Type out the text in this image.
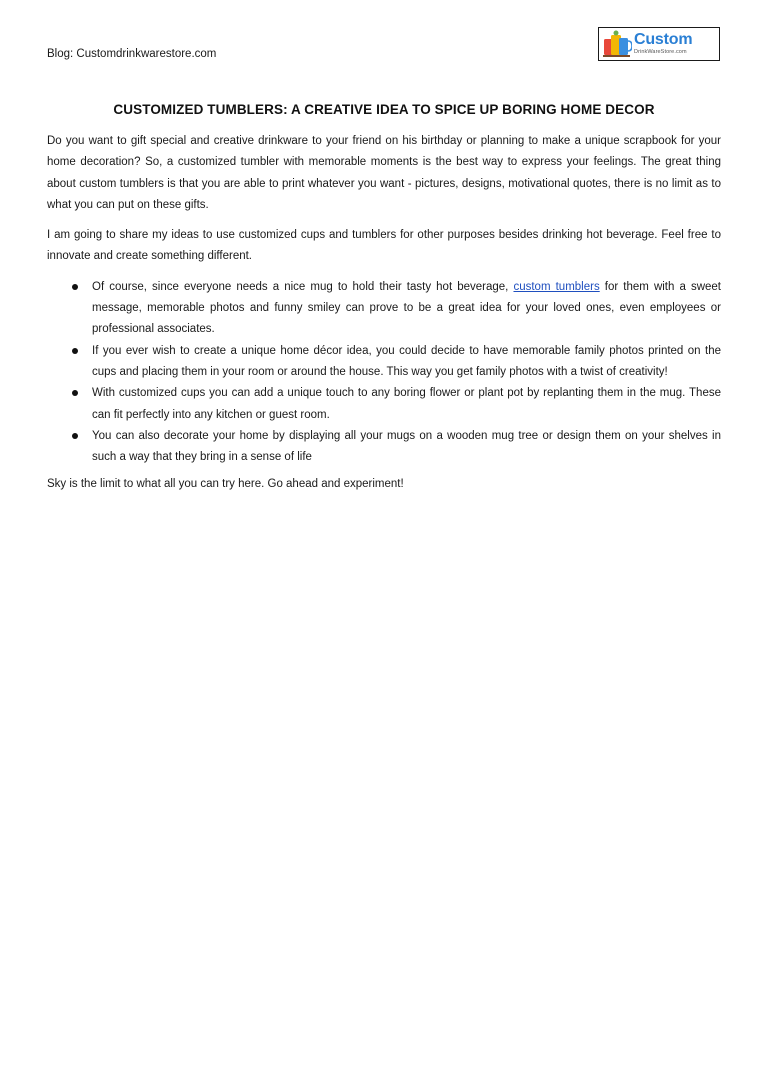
Blog: Customdrinkwarestore.com
Custom
DrinkWareStore.com
CUSTOMIZED TUMBLERS: A CREATIVE IDEA TO SPICE UP BORING HOME DECOR

Do you want to gift special and creative drinkware to your friend on his birthday or planning to make a unique scrapbook for your home decoration? So, a customized tumbler with memorable moments is the best way to express your feelings. The great thing about custom tumblers is that you are able to print whatever you want - pictures, designs, motivational quotes, there is no limit as to what you can put on these gifts.

I am going to share my ideas to use customized cups and tumblers for other purposes besides drinking hot beverage. Feel free to innovate and create something different.

Of course, since everyone needs a nice mug to hold their tasty hot beverage, custom tumblers for them with a sweet message, memorable photos and funny smiley can prove to be a great idea for your loved ones, even employees or professional associates.
If you ever wish to create a unique home décor idea, you could decide to have memorable family photos printed on the cups and placing them in your room or around the house. This way you get family photos with a twist of creativity!
With customized cups you can add a unique touch to any boring flower or plant pot by replanting them in the mug. These can fit perfectly into any kitchen or guest room.
You can also decorate your home by displaying all your mugs on a wooden mug tree or design them on your shelves in such a way that they bring in a sense of life

Sky is the limit to what all you can try here. Go ahead and experiment!
